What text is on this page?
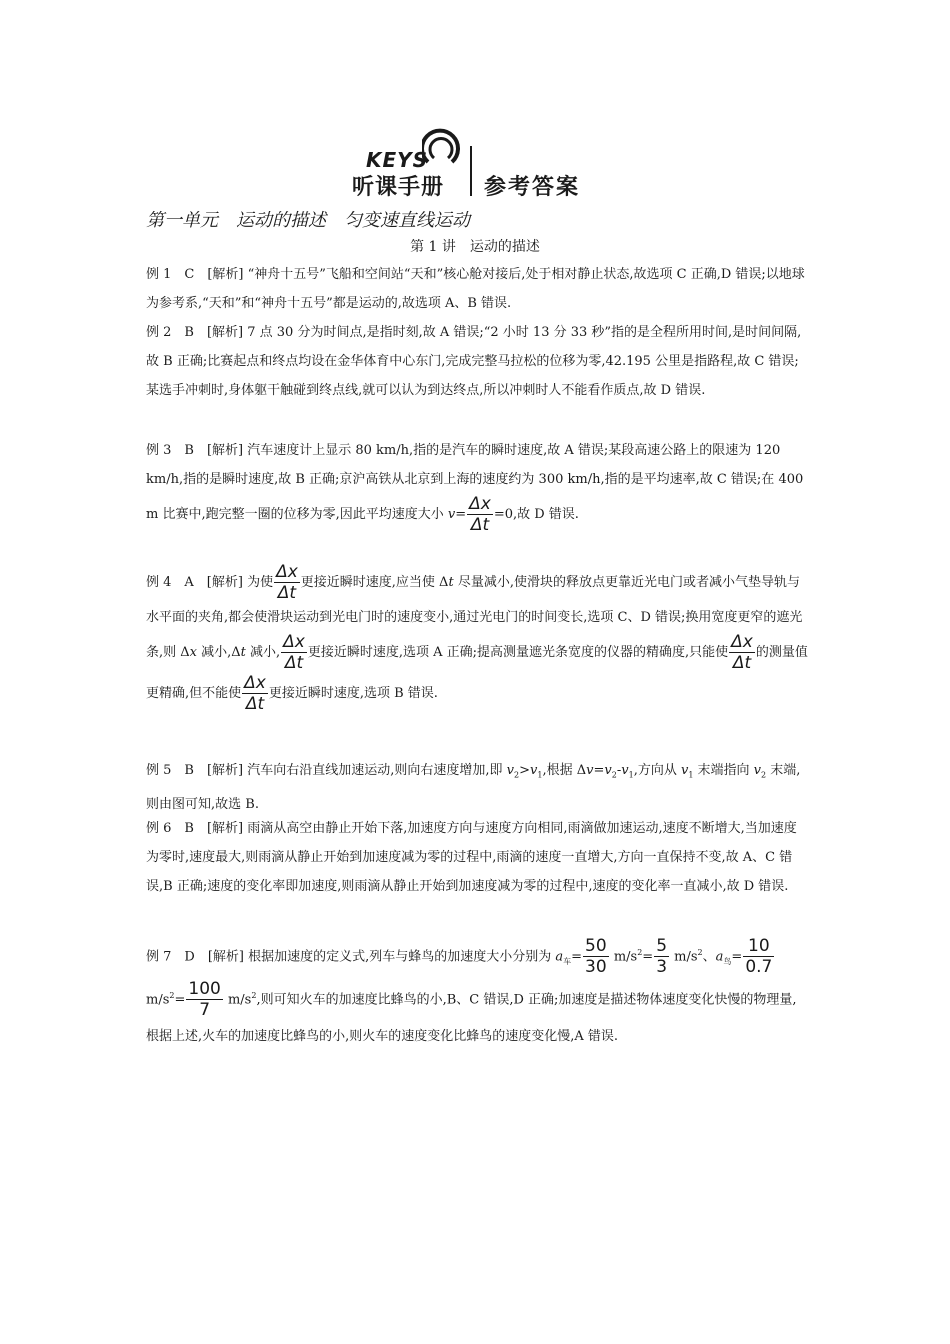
KEYS
听课手册 参考答案
第一单元　运动的描述　匀变速直线运动
第 1 讲　运动的描述

例 1　C　[解析] “神舟十五号”飞船和空间站“天和”核心舱对接后,处于相对静止状态,故选项 C 正确,D 错误;以地球为参考系,“天和”和“神舟十五号”都是运动的,故选项 A、B 错误.

例 2　B　[解析] 7 点 30 分为时间点,是指时刻,故 A 错误;“2 小时 13 分 33 秒”指的是全程所用时间,是时间间隔,故 B 正确;比赛起点和终点均设在金华体育中心东门,完成完整马拉松的位移为零,42.195 公里是指路程,故 C 错误;某选手冲刺时,身体躯干触碰到终点线,就可以认为到达终点,所以冲刺时人不能看作质点,故 D 错误.

例 3　B　[解析] 汽车速度计上显示 80 km/h,指的是汽车的瞬时速度,故 A 错误;某段高速公路上的限速为 120 km/h,指的是瞬时速度,故 B 正确;京沪高铁从北京到上海的速度约为 300 km/h,指的是平均速率,故 C 错误;在 400 m 比赛中,跑完整一圈的位移为零,因此平均速度大小 $v= \frac{\Delta x}{\Delta t} =0$,故 D 错误.

例 4　A　[解析] 为使 $\frac{\Delta x}{\Delta t}$ 更接近瞬时速度,应当使 Δt 尽量减小,使滑块的释放点更靠近光电门或者减小气垫导轨与水平面的夹角,都会使滑块运动到光电门时的速度变小,通过光电门的时间变长,选项 C、D 错误;换用宽度更窄的遮光条,则 Δx 减小,Δt 减小, $\frac{\Delta x}{\Delta t}$ 更接近瞬时速度,选项 A 正确;提高测量遮光条宽度的仪器的精确度,只能使 $\frac{\Delta x}{\Delta t}$ 的测量值更精确,但不能使 $\frac{\Delta x}{\Delta t}$ 更接近瞬时速度,选项 B 错误.

例 5　B　[解析] 汽车向右沿直线加速运动,则向右速度增加,即 $v_2>v_1$,根据 $\Delta v=v_2-v_1$,方向从 $v_1$ 末端指向 $v_2$ 末端,则由图可知,故选 B.

例 6　B　[解析] 雨滴从高空由静止开始下落,加速度方向与速度方向相同,雨滴做加速运动,速度不断增大,当加速度为零时,速度最大,则雨滴从静止开始到加速度减为零的过程中,雨滴的速度一直增大,方向一直保持不变,故 A、C 错误,B 正确;速度的变化率即加速度,则雨滴从静止开始到加速度减为零的过程中,速度的变化率一直减小,故 D 错误.

例 7　D　[解析] 根据加速度的定义式,列车与蜂鸟的加速度大小分别为 $a_车= \frac{50}{30} m/s^2= \frac{5}{3} m/s^2$、$a_鸟= \frac{10}{0.7}$
$m/s^2= \frac{100}{7} m/s^2$,则可知火车的加速度比蜂鸟的小,B、C 错误,D 正确;加速度是描述物体速度变化快慢的物理量,根据上述,火车的加速度比蜂鸟的小,则火车的速度变化比蜂鸟的速度变化慢,A 错误.
